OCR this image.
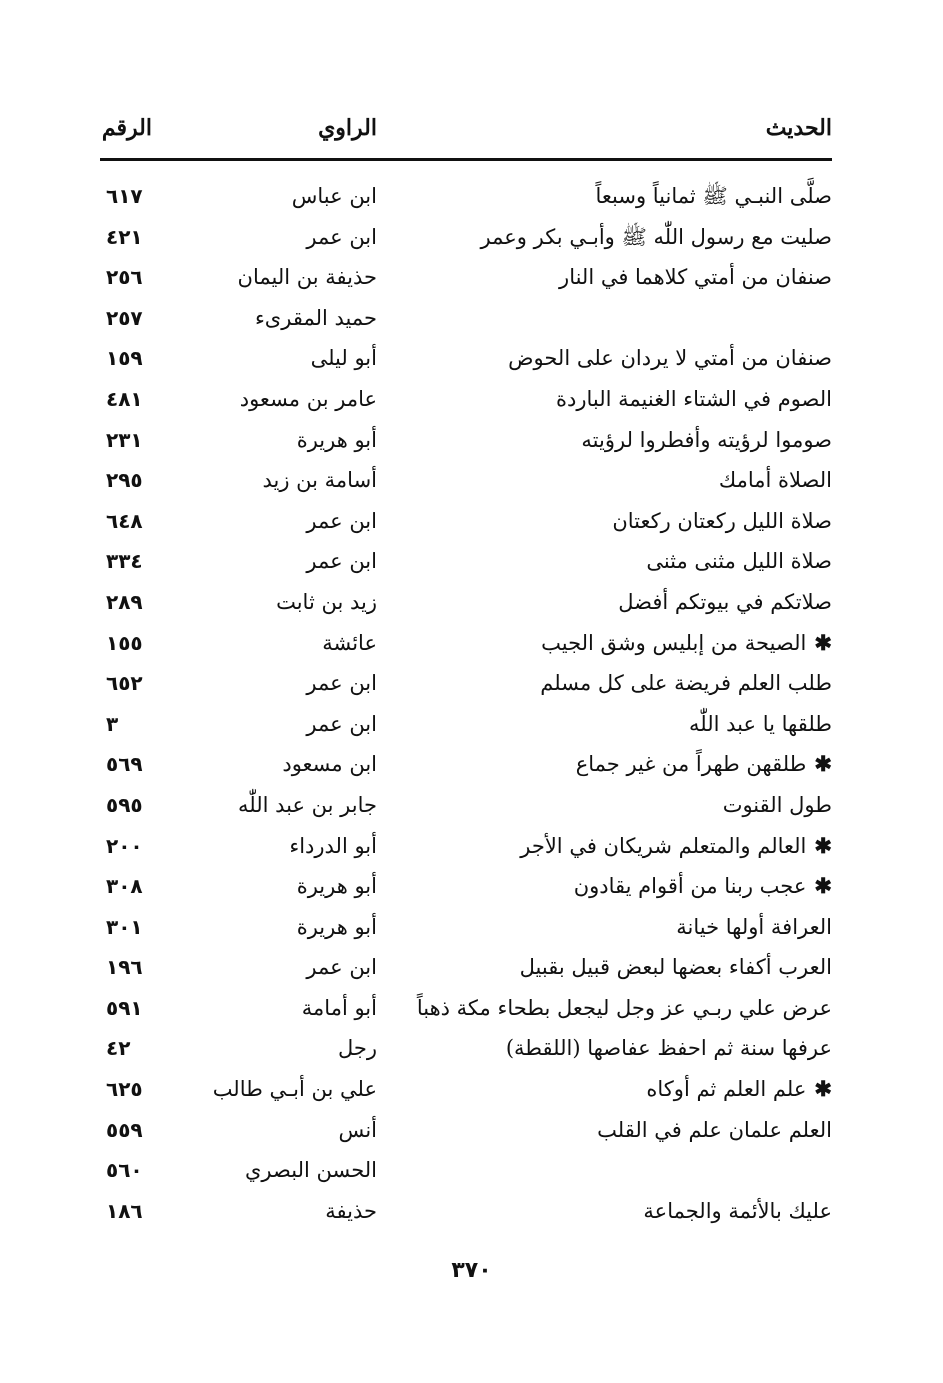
الحديث
الراوي
الرقم
صلَّى النبـي ﷺ ثمانياً وسبعاً
ابن عباس
٦١٧
صليت مع رسول اللّٰه ﷺ وأبـي بكر وعمر
ابن عمر
٤٢١
صنفان من أمتي كلاهما في النار
حذيفة بن اليمان
٢٥٦
حميد المقرىء
٢٥٧
صنفان من أمتي لا يردان على الحوض
أبو ليلى
١٥٩
الصوم في الشتاء الغنيمة الباردة
عامر بن مسعود
٤٨١
صوموا لرؤيته وأفطروا لرؤيته
أبو هريرة
٢٣١
الصلاة أمامك
أسامة بن زيد
٢٩٥
صلاة الليل ركعتان ركعتان
ابن عمر
٦٤٨
صلاة الليل مثنى مثنى
ابن عمر
٣٣٤
صلاتكم في بيوتكم أفضل
زيد بن ثابت
٢٨٩
✱الصيحة من إبليس وشق الجيب
عائشة
١٥٥
طلب العلم فريضة على كل مسلم
ابن عمر
٦٥٢
طلقها يا عبد اللّٰه
ابن عمر
٣
✱طلقهن طهراً من غير جماع
ابن مسعود
٥٦٩
طول القنوت
جابر بن عبد اللّٰه
٥٩٥
✱العالم والمتعلم شريكان في الأجر
أبو الدرداء
٢٠٠
✱عجب ربنا من أقوام يقادون
أبو هريرة
٣٠٨
العرافة أولها خيانة
أبو هريرة
٣٠١
العرب أكفاء بعضها لبعض قبيل بقبيل
ابن عمر
١٩٦
عرض علي ربـي عز وجل ليجعل بطحاء مكة ذهباً
أبو أمامة
٥٩١
عرفها سنة ثم احفظ عفاصها (اللقطة)
رجل
٤٢
✱علم العلم ثم أوكاه
علي بن أبـي طالب
٦٢٥
العلم علمان علم في القلب
أنس
٥٥٩
الحسن البصري
٥٦٠
عليك بالأئمة والجماعة
حذيفة
١٨٦
٣٧٠
